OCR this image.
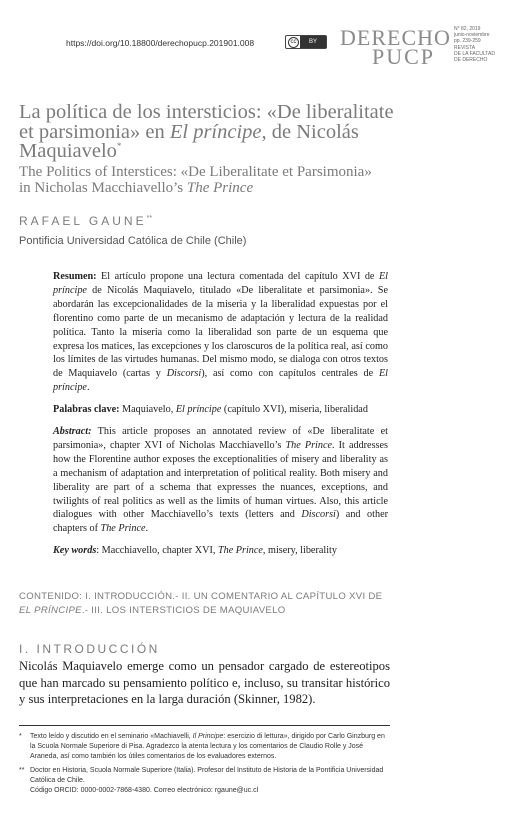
https://doi.org/10.18800/derechopucp.201901.008	cc	BY	DERECHO
PUCP
N° 82, 2019
junio-noviembre
pp. 239-259
REVISTA
DE LA FACULTAD
DE DERECHO
La política de los intersticios: «De liberalitate
et parsimonia» en El príncipe, de Nicolás
Maquiavelo*
The Politics of Interstices: «De Liberalitate et Parsimonia»
in Nicholas Macchiavello’s The Prince
RAFAEL GAUNE**
Pontificia Universidad Católica de Chile (Chile)
Resumen: El artículo propone una lectura comentada del capítulo XVI de El príncipe de Nicolás Maquiavelo, titulado «De liberalitate et parsimonia». Se abordarán las excepcionalidades de la miseria y la liberalidad expuestas por el florentino como parte de un mecanismo de adaptación y lectura de la realidad política. Tanto la miseria como la liberalidad son parte de un esquema que expresa los matices, las excepciones y los claroscuros de la política real, así como los límites de las virtudes humanas. Del mismo modo, se dialoga con otros textos de Maquiavelo (cartas y Discorsi), así como con capítulos centrales de El príncipe.
Palabras clave: Maquiavelo, El príncipe (capítulo XVI), miseria, liberalidad
Abstract: This article proposes an annotated review of «De liberalitate et parsimonia», chapter XVI of Nicholas Macchiavello’s The Prince. It addresses how the Florentine author exposes the exceptionalities of misery and liberality as a mechanism of adaptation and interpretation of political reality. Both misery and liberality are part of a schema that expresses the nuances, exceptions, and twilights of real politics as well as the limits of human virtues. Also, this article dialogues with other Macchiavello’s texts (letters and Discorsi) and other chapters of The Prince.
Key words: Macchiavello, chapter XVI, The Prince, misery, liberality
CONTENIDO: I. INTRODUCCIÓN.- II. UN COMENTARIO AL CAPÍTULO XVI DE EL PRÍNCIPE.- III. LOS INTERSTICIOS DE MAQUIAVELO
I. INTRODUCCIÓN
Nicolás Maquiavelo emerge como un pensador cargado de estereotipos que han marcado su pensamiento político e, incluso, su transitar histórico y sus interpretaciones en la larga duración (Skinner, 1982).
* Texto leído y discutido en el seminario «Machiavelli, Il Principe: esercizio di lettura», dirigido por Carlo Ginzburg en la Scuola Normale Superiore di Pisa. Agradezco la atenta lectura y los comentarios de Claudio Rolle y José Araneda, así como también los útiles comentarios de los evaluadores externos.
** Doctor en Historia, Scuola Normale Superiore (Italia). Profesor del Instituto de Historia de la Pontificia Universidad Católica de Chile.
Código ORCID: 0000-0002-7868-4380. Correo electrónico: rgaune@uc.cl
